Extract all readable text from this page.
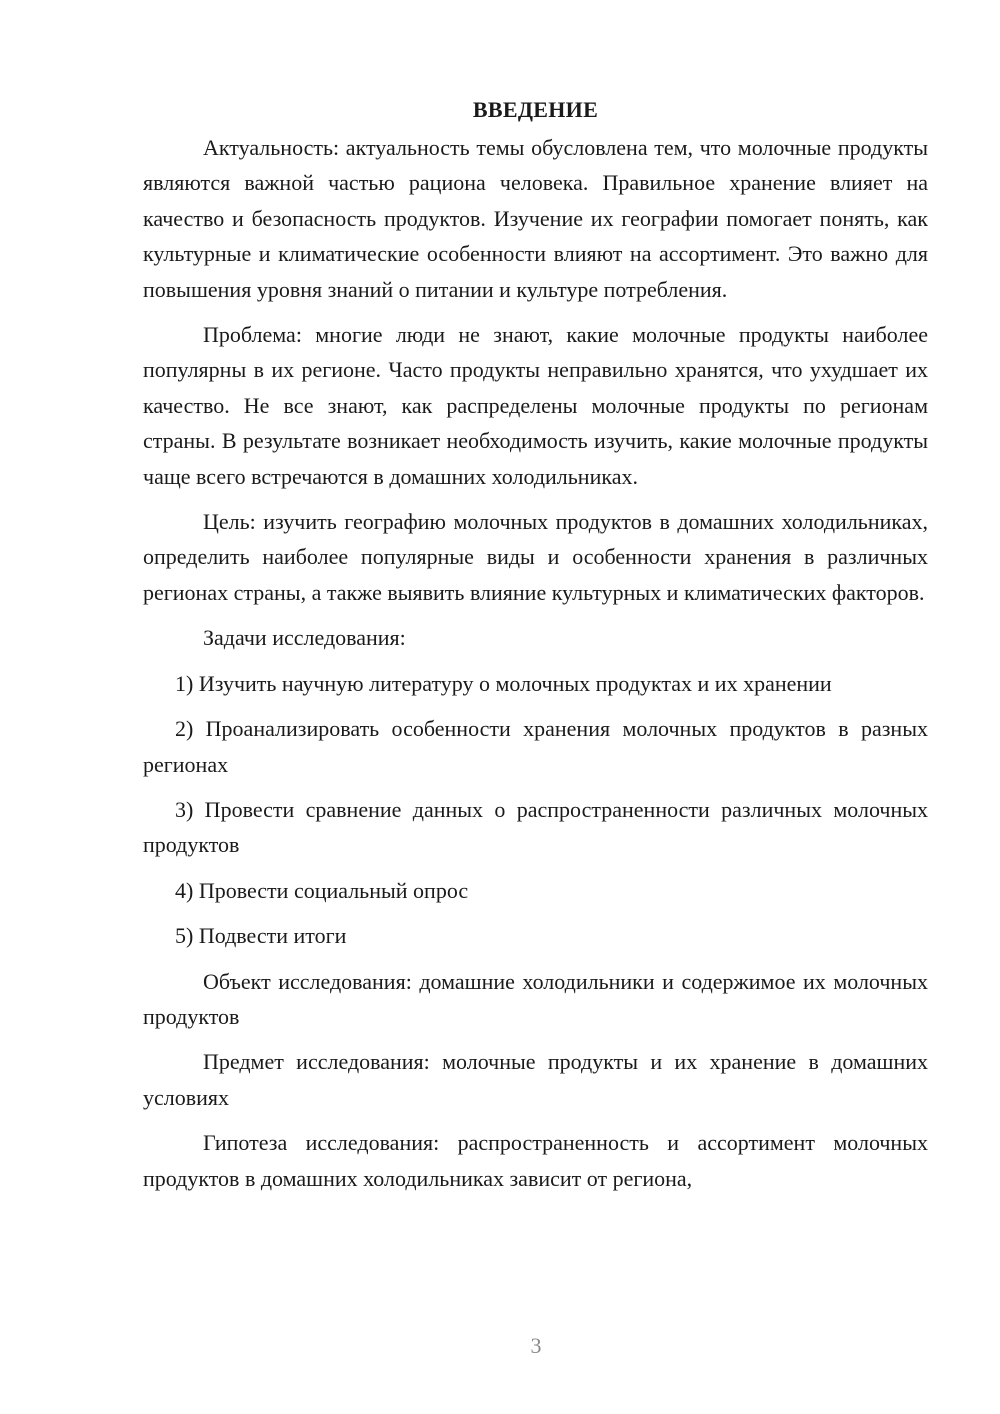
ВВЕДЕНИЕ

Актуальность: актуальность темы обусловлена тем, что молочные продукты являются важной частью рациона человека. Правильное хранение влияет на качество и безопасность продуктов. Изучение их географии помогает понять, как культурные и климатические особенности влияют на ассортимент. Это важно для повышения уровня знаний о питании и культуре потребления.

Проблема: многие люди не знают, какие молочные продукты наиболее популярны в их регионе. Часто продукты неправильно хранятся, что ухудшает их качество. Не все знают, как распределены молочные продукты по регионам страны. В результате возникает необходимость изучить, какие молочные продукты чаще всего встречаются в домашних холодильниках.

Цель: изучить географию молочных продуктов в домашних холодильниках, определить наиболее популярные виды и особенности хранения в различных регионах страны, а также выявить влияние культурных и климатических факторов.

Задачи исследования:

1) Изучить научную литературу о молочных продуктах и их хранении

2) Проанализировать особенности хранения молочных продуктов в разных регионах

3) Провести сравнение данных о распространенности различных молочных продуктов

4) Провести социальный опрос

5) Подвести итоги

Объект исследования: домашние холодильники и содержимое их молочных продуктов

Предмет исследования: молочные продукты и их хранение в домашних условиях

Гипотеза исследования: распространенность и ассортимент молочных продуктов в домашних холодильниках зависит от региона,

3
